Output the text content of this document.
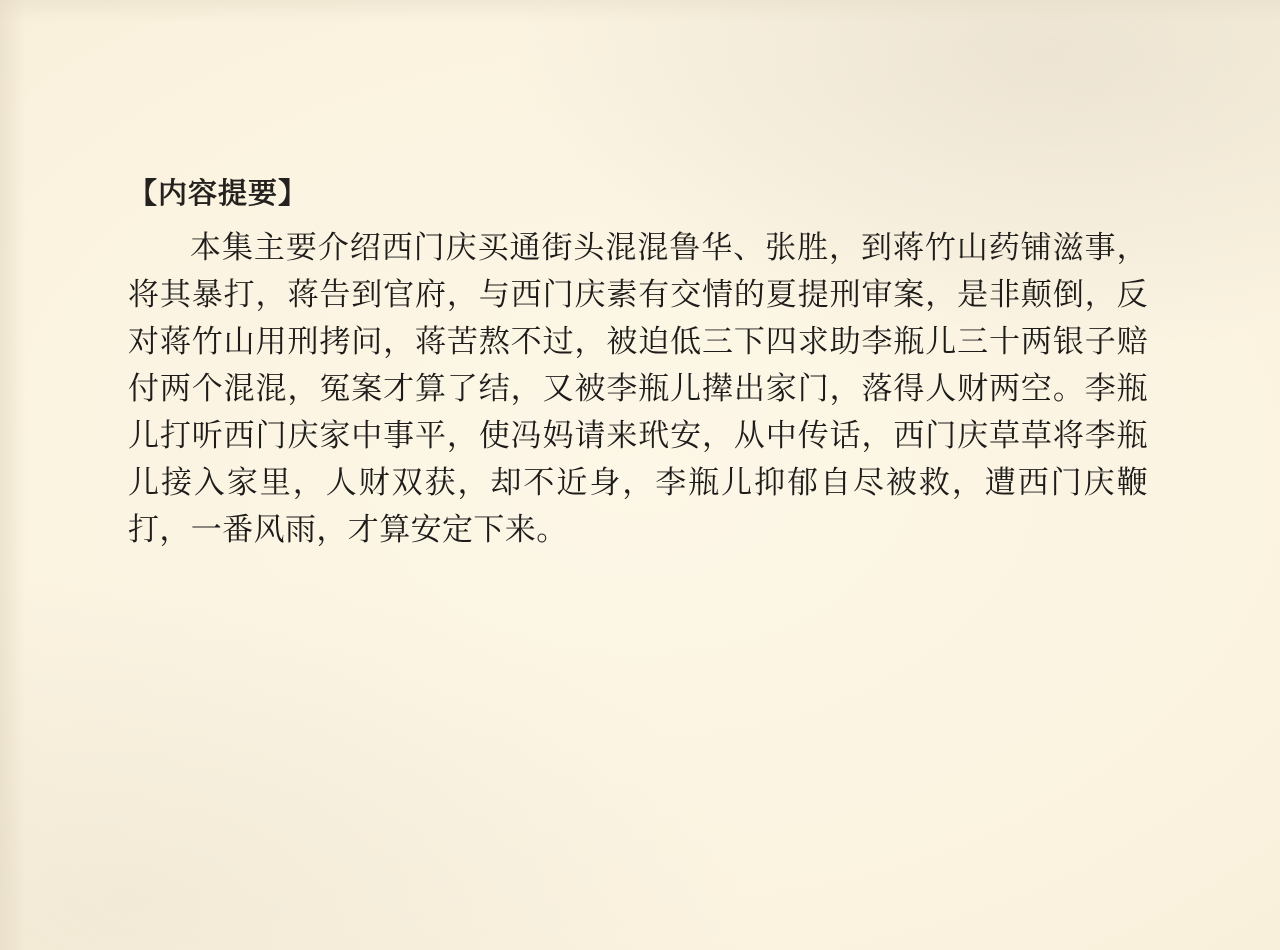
【内容提要】

本集主要介绍西门庆买通街头混混鲁华、张胜，到蒋竹山药铺滋事，将其暴打，蒋告到官府，与西门庆素有交情的夏提刑审案，是非颠倒，反对蒋竹山用刑拷问，蒋苦熬不过，被迫低三下四求助李瓶儿三十两银子赔付两个混混，冤案才算了结，又被李瓶儿撵出家门，落得人财两空。李瓶儿打听西门庆家中事平，使冯妈请来玳安，从中传话，西门庆草草将李瓶儿接入家里，人财双获，却不近身，李瓶儿抑郁自尽被救，遭西门庆鞭打，一番风雨，才算安定下来。
